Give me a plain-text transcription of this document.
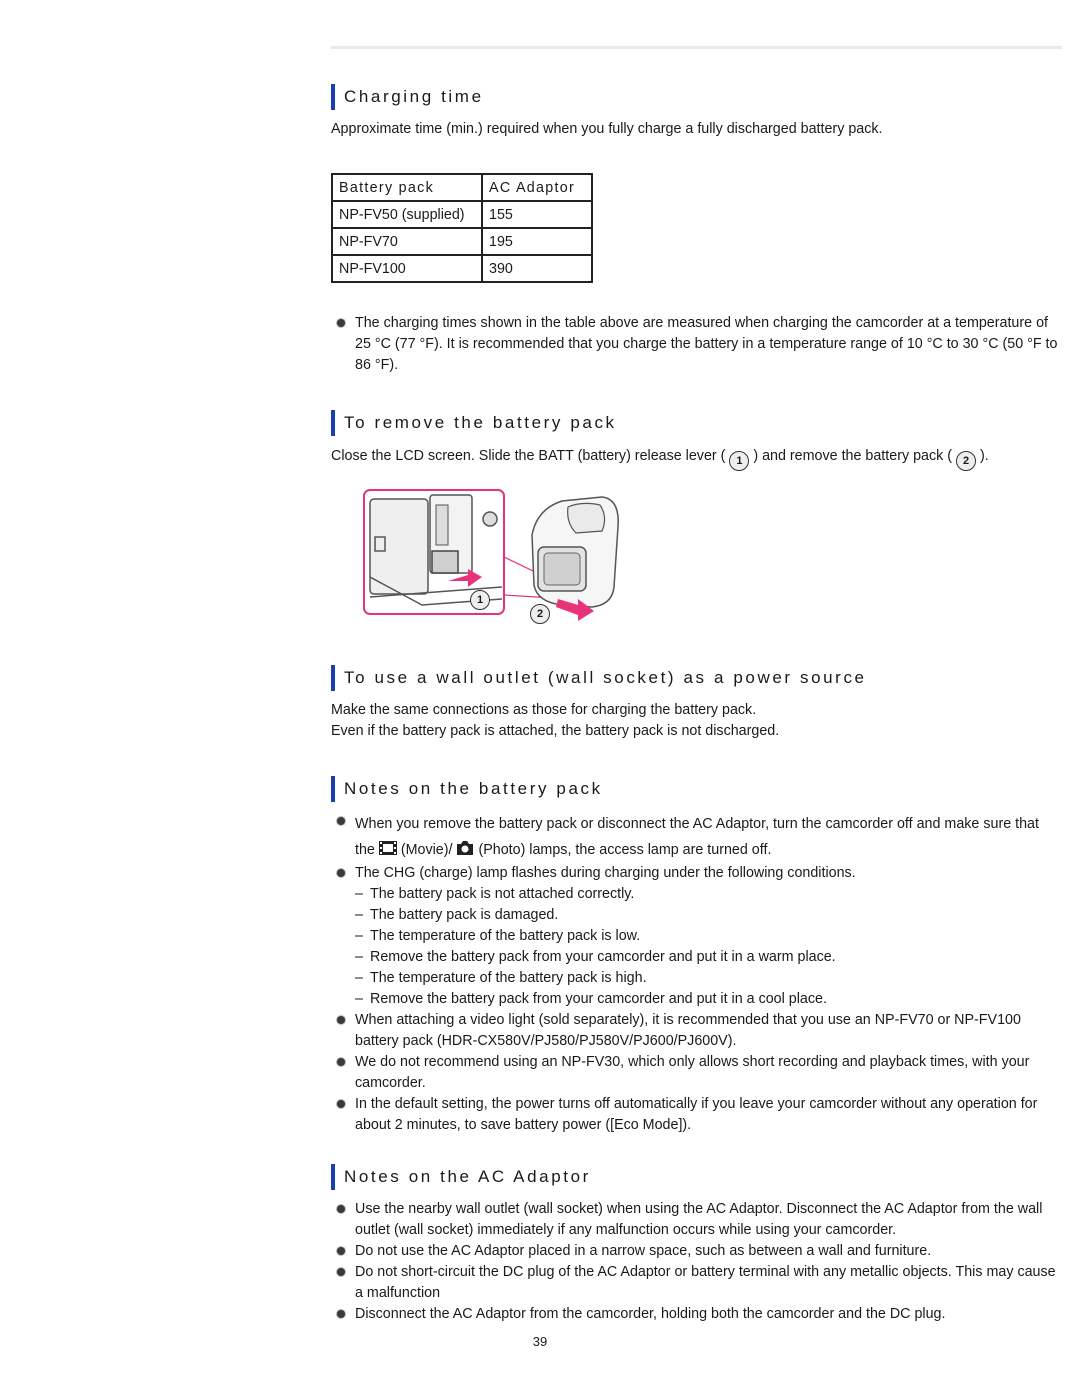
Charging time

Approximate time (min.) required when you fully charge a fully discharged battery pack.

Battery pack	AC Adaptor
NP-FV50 (supplied)	155
NP-FV70	195
NP-FV100	390
The charging times shown in the table above are measured when charging the camcorder at a temperature of 25 °C (77 °F). It is recommended that you charge the battery in a temperature range of 10 °C to 30 °C (50 °F to 86 °F).
To remove the battery pack

Close the LCD screen. Slide the BATT (battery) release lever ( 1 ) and remove the battery pack ( 2 ).

1
2
To use a wall outlet (wall socket) as a power source

Make the same connections as those for charging the battery pack.

Even if the battery pack is attached, the battery pack is not discharged.

Notes on the battery pack
When you remove the battery pack or disconnect the AC Adaptor, turn the camcorder off and make sure that the (Movie)/ (Photo) lamps, the access lamp are turned off.
The CHG (charge) lamp flashes during charging under the following conditions.
– The battery pack is not attached correctly.
– The battery pack is damaged.
– The temperature of the battery pack is low.
– Remove the battery pack from your camcorder and put it in a warm place.
– The temperature of the battery pack is high.
– Remove the battery pack from your camcorder and put it in a cool place.
When attaching a video light (sold separately), it is recommended that you use an NP-FV70 or NP-FV100 battery pack (HDR-CX580V/PJ580/PJ580V/PJ600/PJ600V).
We do not recommend using an NP-FV30, which only allows short recording and playback times, with your camcorder.
In the default setting, the power turns off automatically if you leave your camcorder without any operation for about 2 minutes, to save battery power ([Eco Mode]).
Notes on the AC Adaptor
Use the nearby wall outlet (wall socket) when using the AC Adaptor. Disconnect the AC Adaptor from the wall outlet (wall socket) immediately if any malfunction occurs while using your camcorder.
Do not use the AC Adaptor placed in a narrow space, such as between a wall and furniture.
Do not short-circuit the DC plug of the AC Adaptor or battery terminal with any metallic objects. This may cause a malfunction
Disconnect the AC Adaptor from the camcorder, holding both the camcorder and the DC plug.
39
